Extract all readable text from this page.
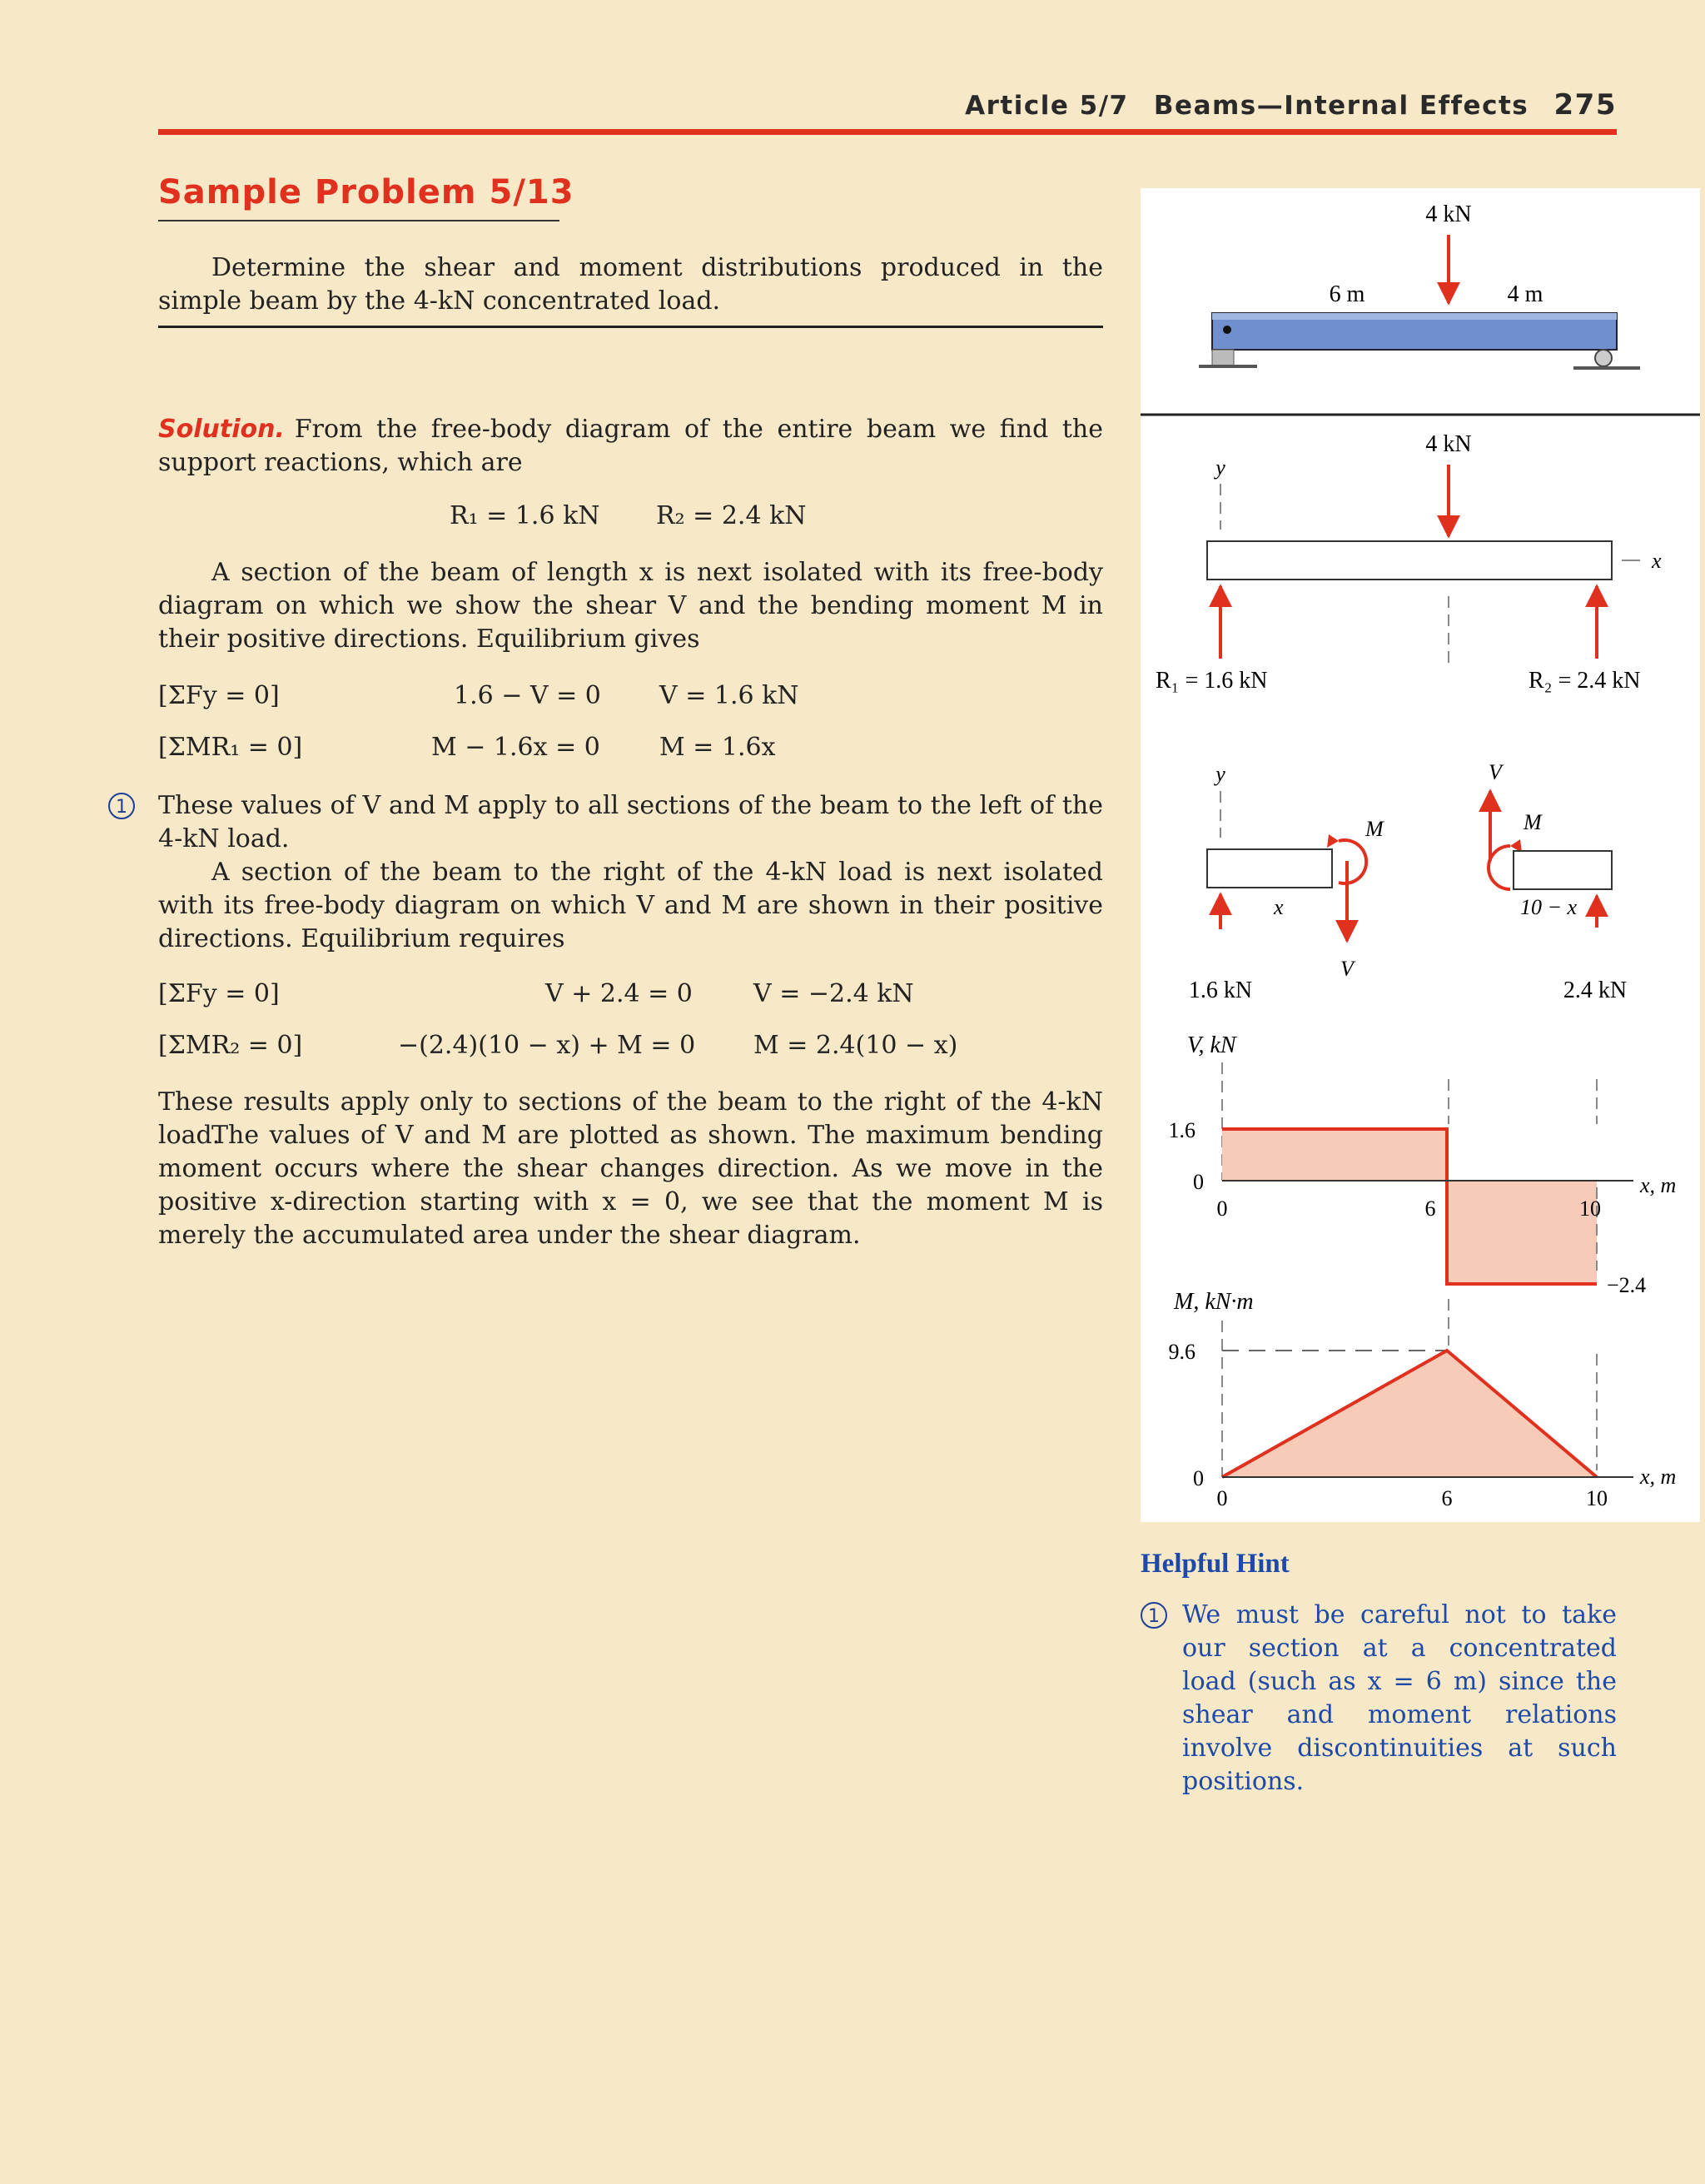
Article 5/7 Beams—Internal Effects 275
Sample Problem 5/13
Determine the shear and moment distributions produced in the simple beam by the 4-kN concentrated load.
Solution. From the free-body diagram of the entire beam we find the support reactions, which are
R₁ = 1.6 kN R₂ = 2.4 kN
A section of the beam of length x is next isolated with its free-body diagram on which we show the shear V and the bending moment M in their positive directions. Equilibrium gives
[ΣFy = 0]	1.6 − V = 0 V = 1.6 kN
[ΣMR₁ = 0]	M − 1.6x = 0 M = 1.6x
1	These values of V and M apply to all sections of the beam to the left of the 4-kN load.
A section of the beam to the right of the 4-kN load is next isolated with its free-body diagram on which V and M are shown in their positive directions. Equilibrium requires
[ΣFy = 0]	V + 2.4 = 0 V = −2.4 kN
[ΣMR₂ = 0]	−(2.4)(10 − x) + M = 0 M = 2.4(10 − x)
These results apply only to sections of the beam to the right of the 4-kN load.
The values of V and M are plotted as shown. The maximum bending moment occurs where the shear changes direction. As we move in the positive x-direction starting with x = 0, we see that the moment M is merely the accumulated area under the shear diagram.
4 kN
6 m	4 m
4 kN
y
x
R₁ = 1.6 kN	R₂ = 2.4 kN
y
x
M
V
1.6 kN
V
M
10 − x
2.4 kN
V, kN
x, m
1.6
0
−2.4
0	6	10
M, kN·m
x, m
9.6
0
0	6	10
Helpful Hint
1 We must be careful not to take our section at a concentrated load (such as x = 6 m) since the shear and moment relations involve discontinuities at such positions.
